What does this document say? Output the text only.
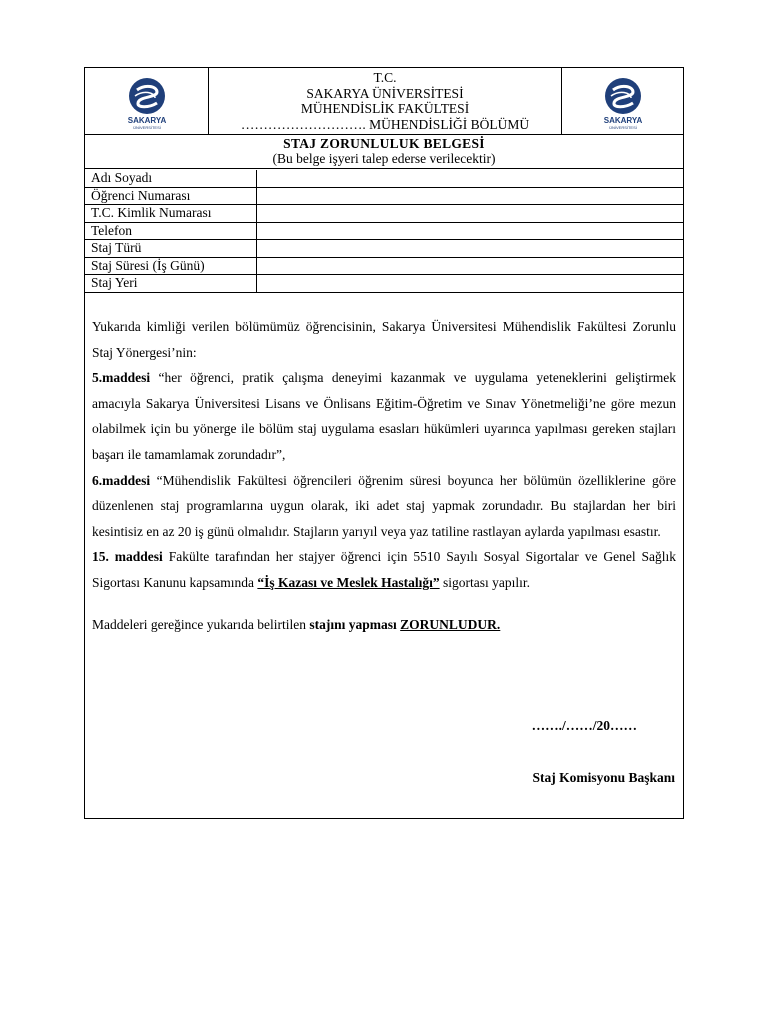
SAKARYA
ÜNİVERSİTESİ
T.C.
SAKARYA ÜNİVERSİTESİ
MÜHENDİSLİK FAKÜLTESİ
………………………. MÜHENDİSLİĞİ BÖLÜMÜ	SAKARYA
ÜNİVERSİTESİ
STAJ ZORUNLULUK BELGESİ
(Bu belge işyeri talep ederse verilecektir)
Adı Soyadı	
Öğrenci Numarası	
T.C. Kimlik Numarası	
Telefon	
Staj Türü	
Staj Süresi (İş Günü)	
Staj Yeri	

Yukarıda kimliği verilen bölümümüz öğrencisinin, Sakarya Üniversitesi Mühendislik Fakültesi Zorunlu Staj Yönergesi’nin:

5.maddesi “her öğrenci, pratik çalışma deneyimi kazanmak ve uygulama yeteneklerini geliştirmek amacıyla Sakarya Üniversitesi Lisans ve Önlisans Eğitim-Öğretim ve Sınav Yönetmeliği’ne göre mezun olabilmek için bu yönerge ile bölüm staj uygulama esasları hükümleri uyarınca yapılması gereken stajları başarı ile tamamlamak zorundadır”,

6.maddesi “Mühendislik Fakültesi öğrencileri öğrenim süresi boyunca her bölümün özelliklerine göre düzenlenen staj programlarına uygun olarak, iki adet staj yapmak zorundadır. Bu stajlardan her biri kesintisiz en az 20 iş günü olmalıdır. Stajların yarıyıl veya yaz tatiline rastlayan aylarda yapılması esastır.

15. maddesi Fakülte tarafından her stajyer öğrenci için 5510 Sayılı Sosyal Sigortalar ve Genel Sağlık Sigortası Kanunu kapsamında “İş Kazası ve Meslek Hastalığı” sigortası yapılır.

Maddeleri gereğince yukarıda belirtilen stajını yapması ZORUNLUDUR.

……./……/20……
Staj Komisyonu Başkanı
